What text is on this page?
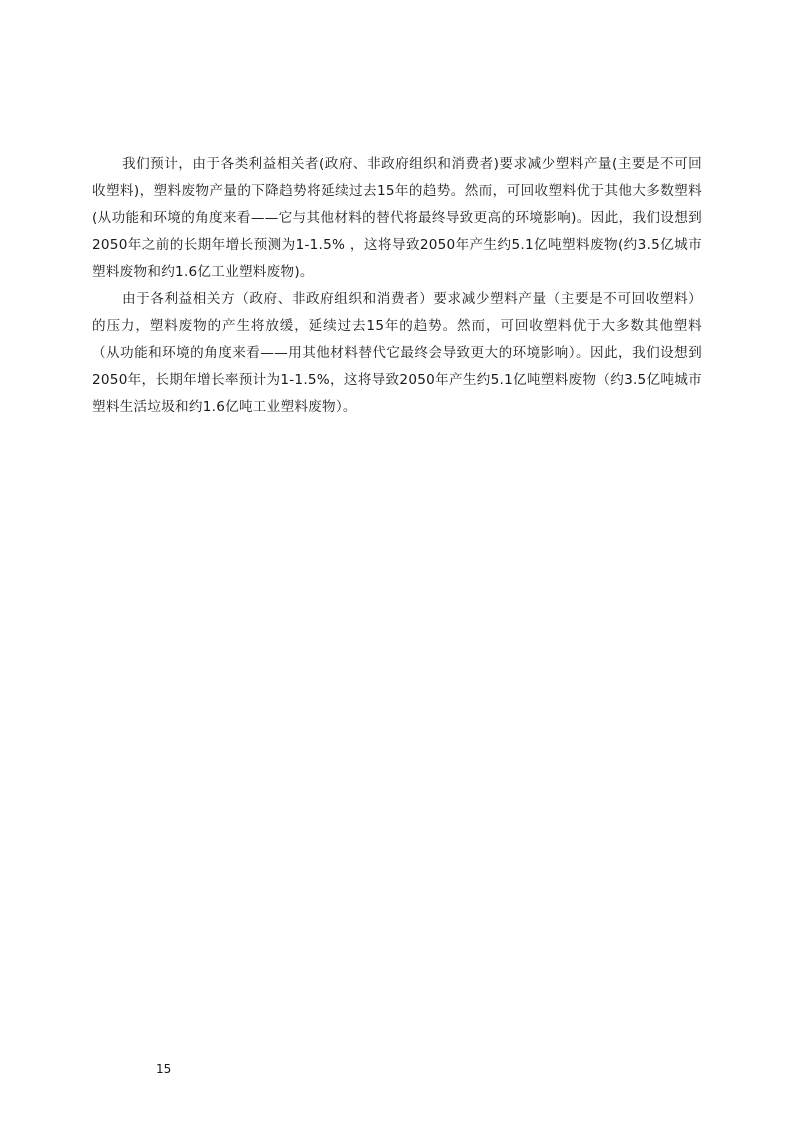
我们预计，由于各类利益相关者(政府、非政府组织和消费者)要求减少塑料产量(主要是不可回收塑料)，塑料废物产量的下降趋势将延续过去15年的趋势。然而，可回收塑料优于其他大多数塑料(从功能和环境的角度来看——它与其他材料的替代将最终导致更高的环境影响)。因此，我们设想到2050年之前的长期年增长预测为1-1.5% ，这将导致2050年产生约5.1亿吨塑料废物(约3.5亿城市塑料废物和约1.6亿工业塑料废物)。

由于各利益相关方（政府、非政府组织和消费者）要求减少塑料产量（主要是不可回收塑料）的压力，塑料废物的产生将放缓，延续过去15年的趋势。然而，可回收塑料优于大多数其他塑料（从功能和环境的角度来看——用其他材料替代它最终会导致更大的环境影响）。因此，我们设想到2050年，长期年增长率预计为1-1.5%，这将导致2050年产生约5.1亿吨塑料废物（约3.5亿吨城市塑料生活垃圾和约1.6亿吨工业塑料废物）。

15
